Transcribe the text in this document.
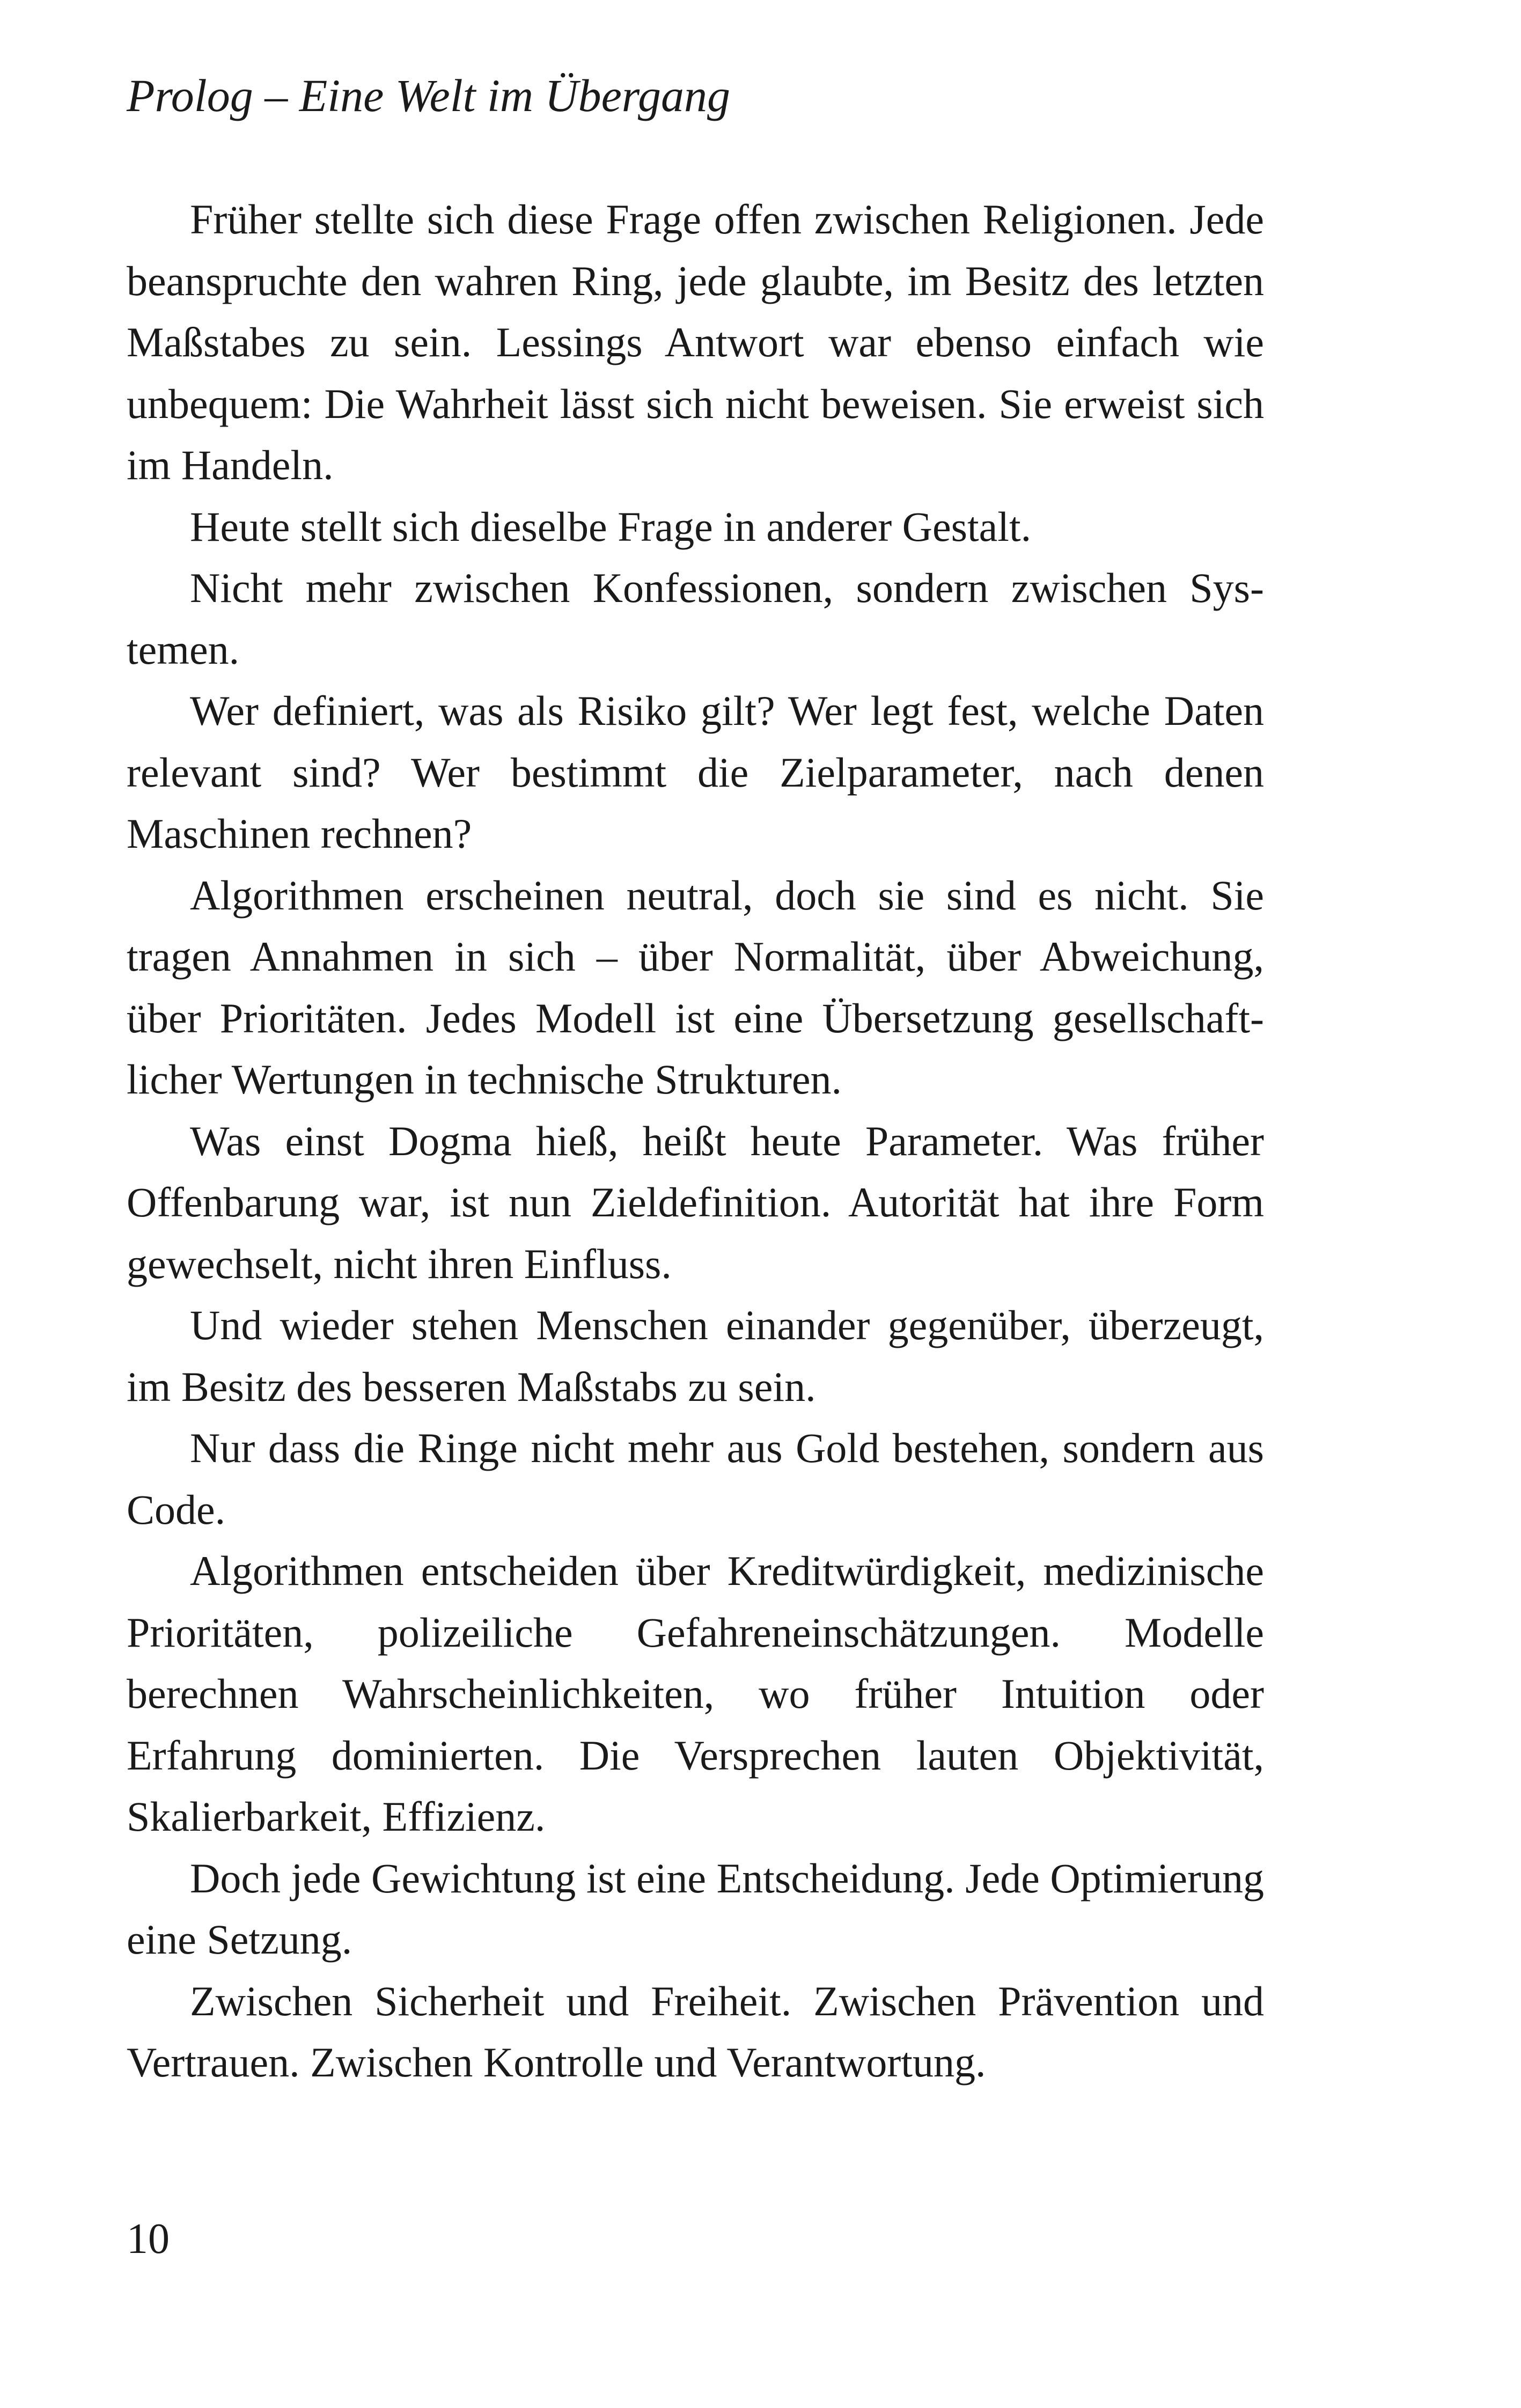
Prolog – Eine Welt im Übergang

Früher stellte sich diese Frage offen zwischen Religionen. Jede beanspruchte den wahren Ring, jede glaubte, im Besitz des letzten Maßstabes zu sein. Lessings Antwort war ebenso einfach wie unbequem: Die Wahrheit lässt sich nicht beweisen. Sie erweist sich im Handeln.

Heute stellt sich dieselbe Frage in anderer Gestalt.

Nicht mehr zwischen Konfessionen, sondern zwischen Systemen.

Wer definiert, was als Risiko gilt? Wer legt fest, welche Daten relevant sind? Wer bestimmt die Zielparameter, nach denen Maschinen rechnen?

Algorithmen erscheinen neutral, doch sie sind es nicht. Sie tragen Annahmen in sich – über Normalität, über Abweichung, über Prioritäten. Jedes Modell ist eine Übersetzung gesellschaftlicher Wertungen in technische Strukturen.

Was einst Dogma hieß, heißt heute Parameter. Was früher Offenbarung war, ist nun Zieldefinition. Autorität hat ihre Form gewechselt, nicht ihren Einfluss.

Und wieder stehen Menschen einander gegenüber, überzeugt, im Besitz des besseren Maßstabs zu sein.

Nur dass die Ringe nicht mehr aus Gold bestehen, sondern aus Code.

Algorithmen entscheiden über Kreditwürdigkeit, medizinische Prioritäten, polizeiliche Gefahreneinschätzungen. Modelle berechnen Wahrscheinlichkeiten, wo früher Intuition oder Erfahrung dominierten. Die Versprechen lauten Objektivität, Skalierbarkeit, Effizienz.

Doch jede Gewichtung ist eine Entscheidung. Jede Optimierung eine Setzung.

Zwischen Sicherheit und Freiheit. Zwischen Prävention und Vertrauen. Zwischen Kontrolle und Verantwortung.

10
